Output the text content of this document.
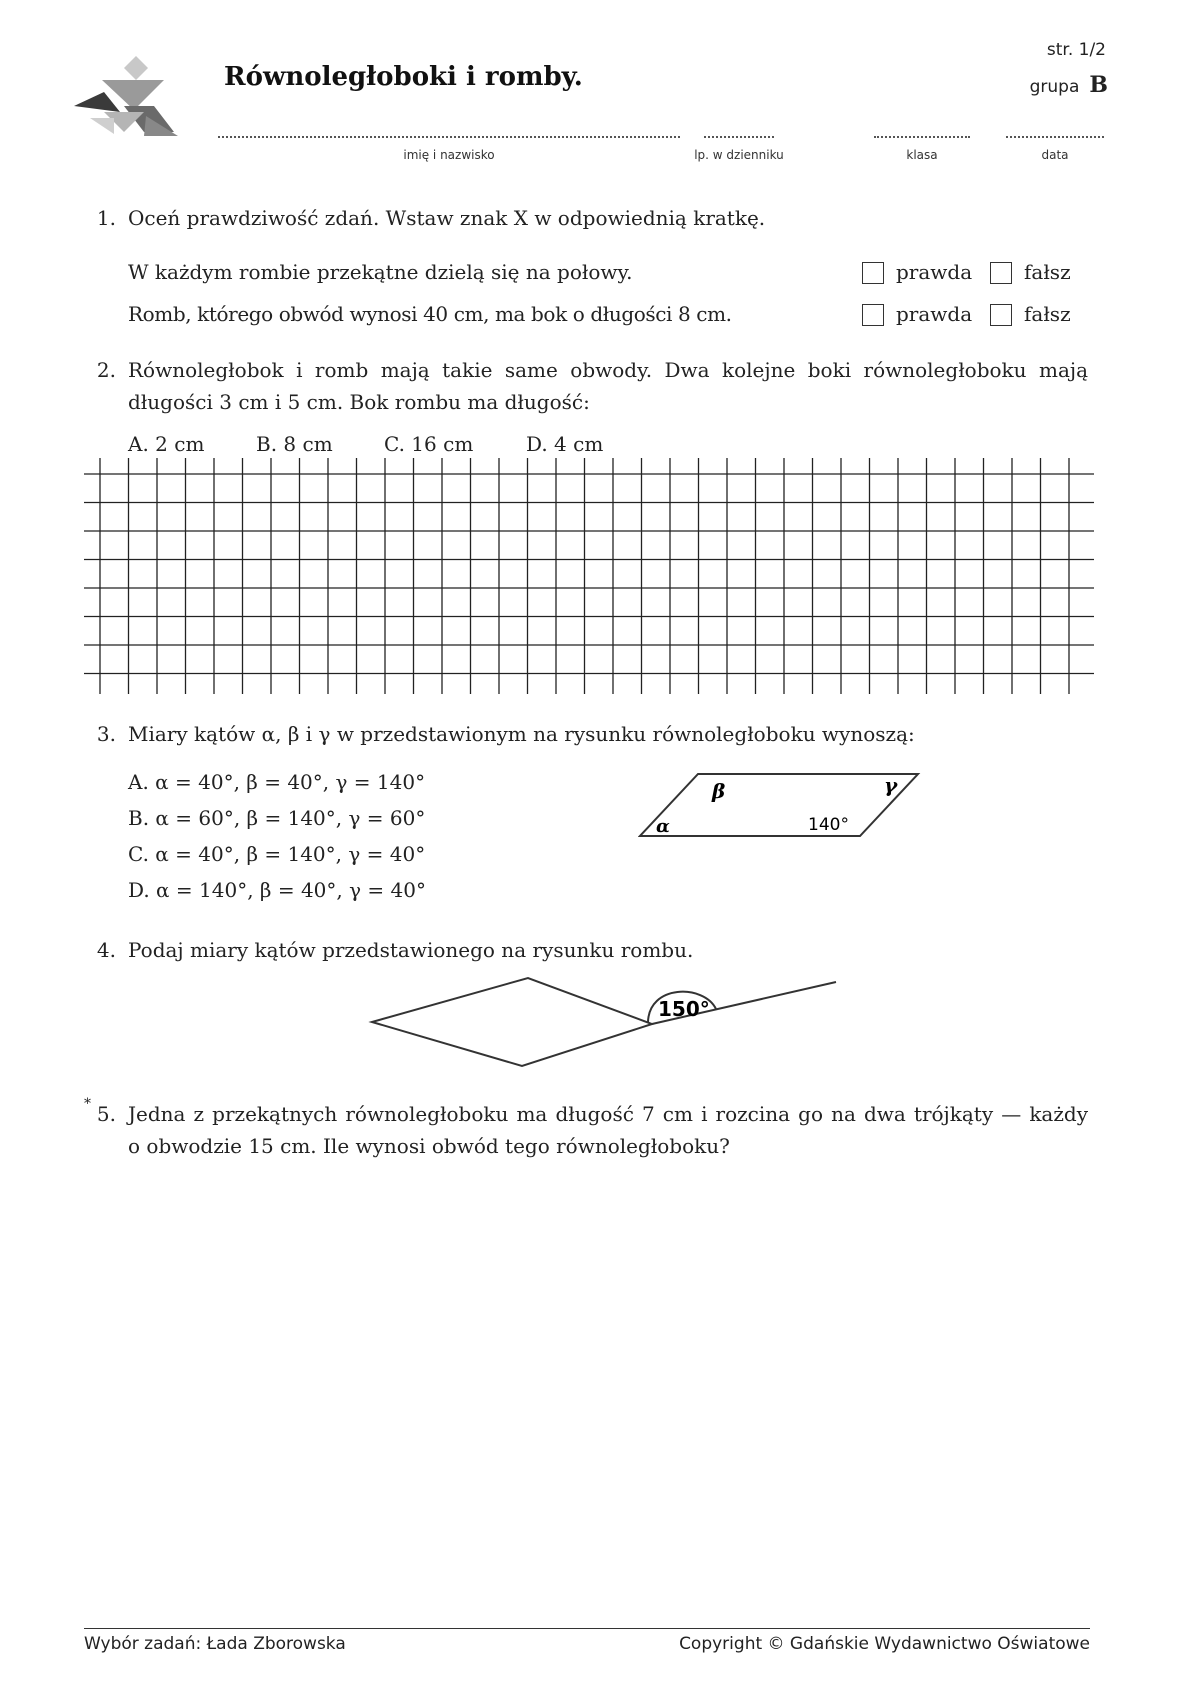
Równoległoboki i romby.
str. 1/2
grupa B
imię i nazwisko	lp. w dzienniku	klasa	data
1. Oceń prawdziwość zdań. Wstaw znak X w odpowiednią kratkę.
W każdym rombie przekątne dzielą się na połowy.	prawda	fałsz
Romb, którego obwód wynosi 40 cm, ma bok o długości 8 cm.	prawda	fałsz
2. Równoległobok i romb mają takie same obwody. Dwa kolejne boki równoległoboku mają
długości 3 cm i 5 cm. Bok rombu ma długość:
A. 2 cm	B. 8 cm	C. 16 cm	D. 4 cm
3. Miary kątów α, β i γ w przedstawionym na rysunku równoległoboku wynoszą:
A. α = 40°, β = 40°, γ = 140°
B. α = 60°, β = 140°, γ = 60°
C. α = 40°, β = 140°, γ = 40°
D. α = 140°, β = 40°, γ = 40°
α
β	γ
140°
4. Podaj miary kątów przedstawionego na rysunku rombu.
150°
* 5. Jedna z przekątnych równoległoboku ma długość 7 cm i rozcina go na dwa trójkąty — każdy
o obwodzie 15 cm. Ile wynosi obwód tego równoległoboku?
Wybór zadań: Łada Zborowska	Copyright © Gdańskie Wydawnictwo Oświatowe
